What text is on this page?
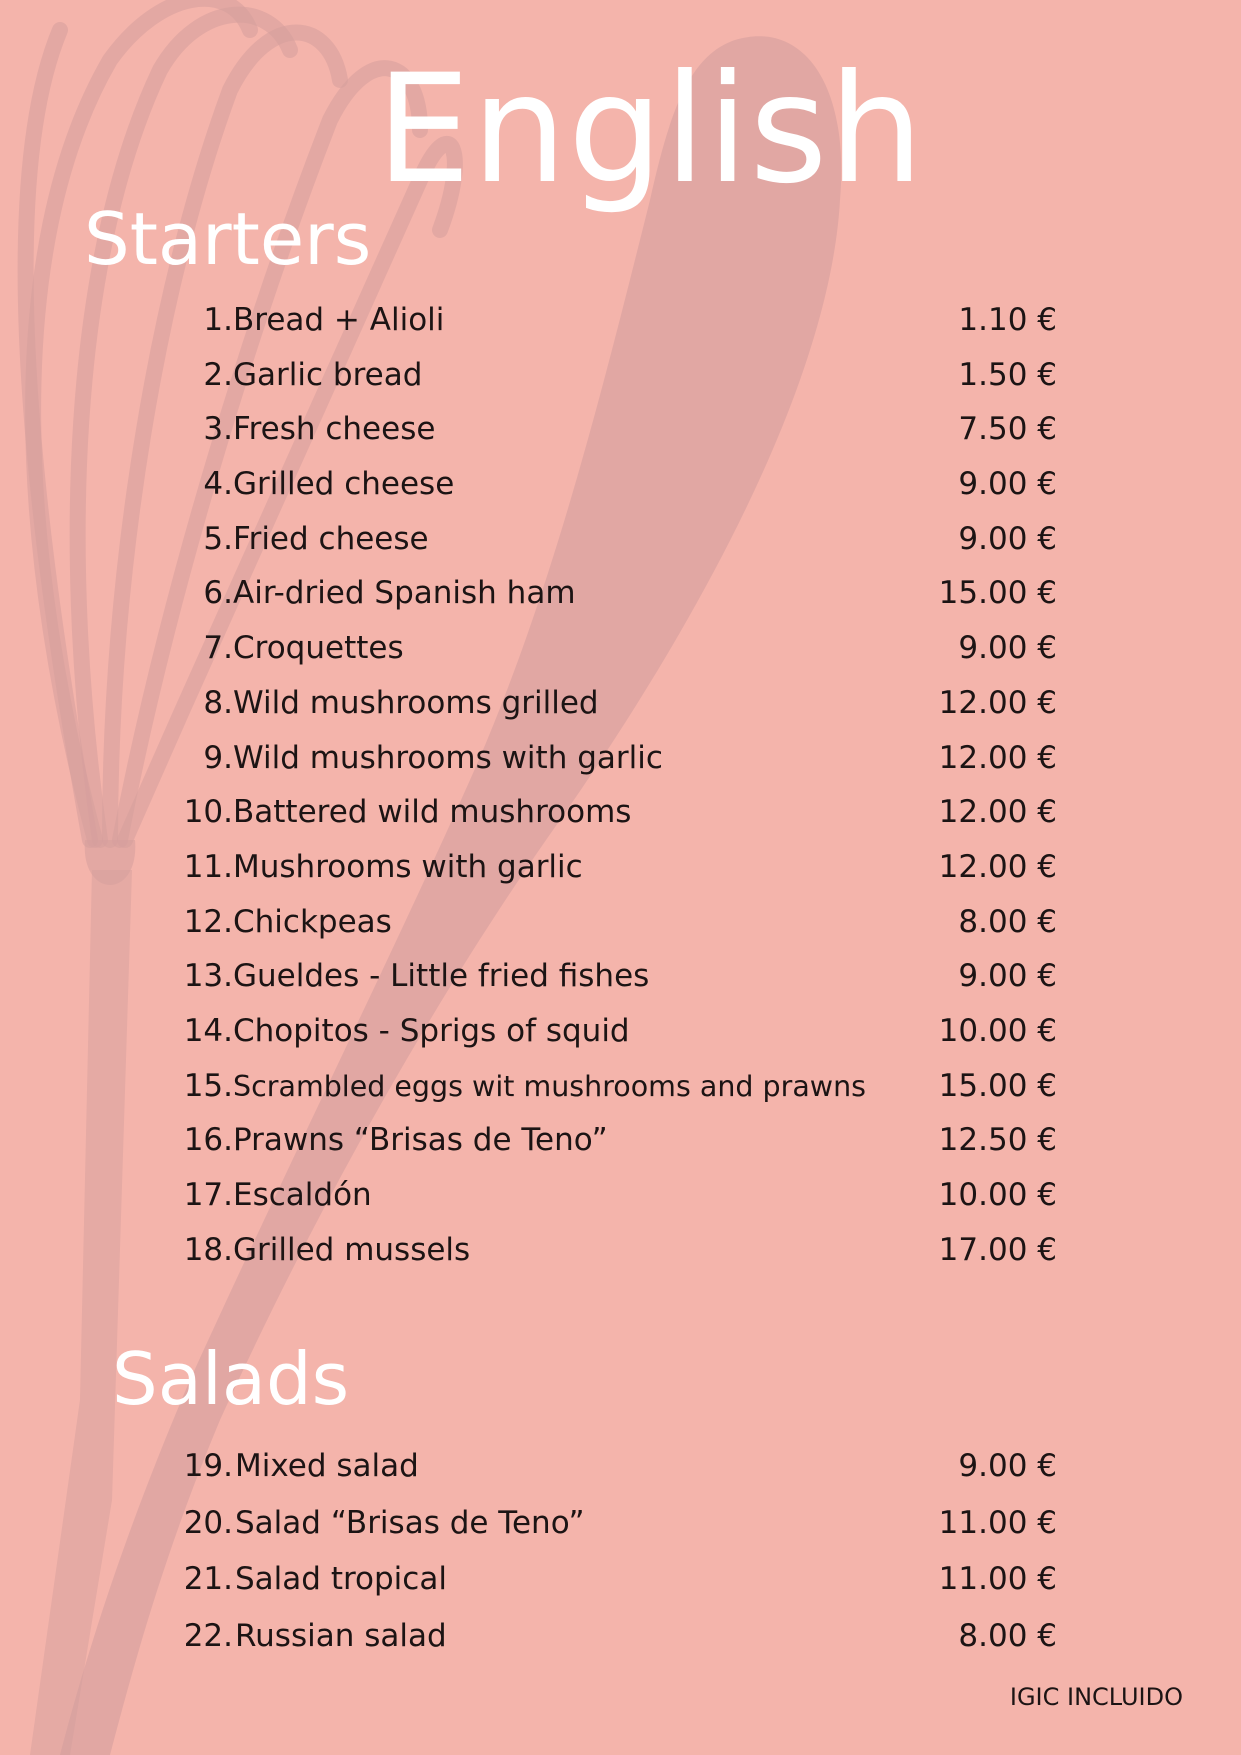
English
Starters
1. Bread + Alioli	1.10 €
2. Garlic bread	1.50 €
3. Fresh cheese	7.50 €
4. Grilled cheese	9.00 €
5. Fried cheese	9.00 €
6. Air-dried Spanish ham	15.00 €
7. Croquettes	9.00 €
8. Wild mushrooms grilled	12.00 €
9. Wild mushrooms with garlic	12.00 €
10. Battered wild mushrooms	12.00 €
11. Mushrooms with garlic	12.00 €
12. Chickpeas	8.00 €
13. Gueldes - Little fried fishes	9.00 €
14. Chopitos - Sprigs of squid	10.00 €
15. Scrambled eggs wit mushrooms and prawns 15.00 €
16. Prawns “Brisas de Teno”	12.50 €
17. Escaldón	10.00 €
18. Grilled mussels	17.00 €
Salads
19. Mixed salad	9.00 €
20. Salad “Brisas de Teno”	11.00 €
21. Salad tropical	11.00 €
22. Russian salad	8.00 €
IGIC INCLUIDO
